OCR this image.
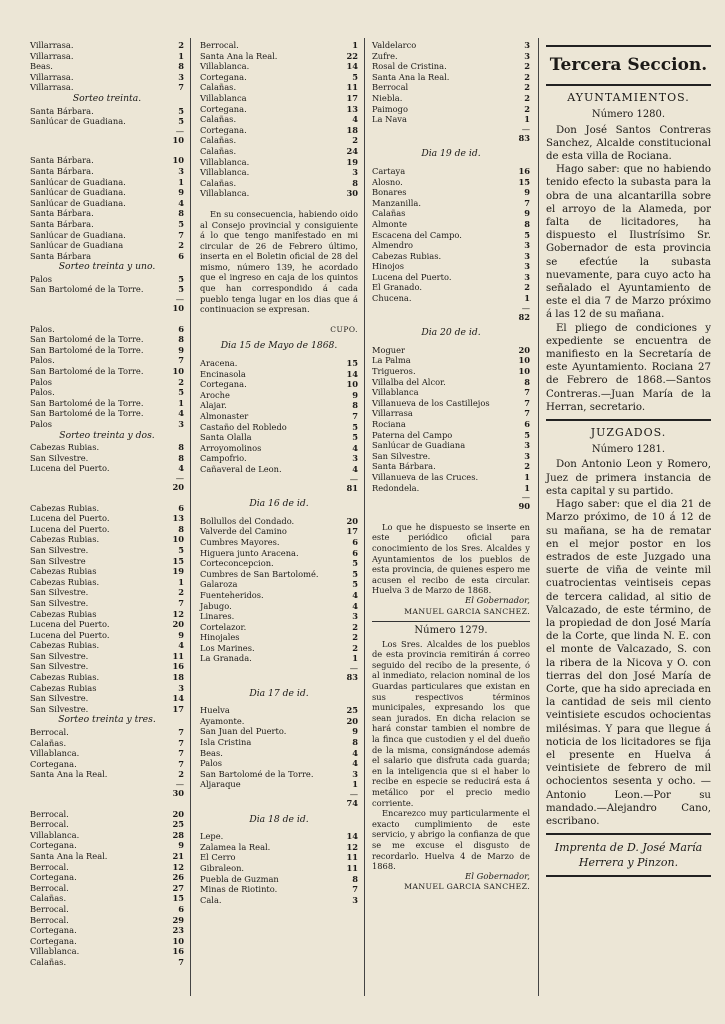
Villarrasa.	2
Villarrasa.	1
Beas.	8
Villarrasa.	3
Villarrasa.	7
Sorteo treinta.
Santa Bárbara.	5
Sanlúcar de Guadiana.	5
—
10
Santa Bárbara.	10
Santa Bárbara.	3
Sanlúcar de Guadiana.	1
Sanlúcar de Guadiana.	9
Sanlúcar de Guadiana.	4
Santa Bárbara.	8
Santa Bárbara.	5
Sanlúcar de Guadiana.	7
Sanlúcar de Guadiana	2
Santa Bárbara	6
Sorteo treinta y uno.
Palos	5
San Bartolomé de la Torre.	5
—
10
Palos.	6
San Bartolomé de la Torre.	8
San Bartolomé de la Torre.	9
Palos.	7
San Bartolomé de la Torre.	10
Palos	2
Palos.	5
San Bartolomé de la Torre.	1
San Bartolomé de la Torre.	4
Palos	3
Sorteo treinta y dos.
Cabezas Rubias.	8
San Silvestre.	8
Lucena del Puerto.	4
—
20
Cabezas Rubias.	6
Lucena del Puerto.	13
Lucena del Puerto.	8
Cabezas Rubias.	10
San Silvestre.	5
San Silvestre	15
Cabezas Rubias	19
Cabezas Rubias.	1
San Silvestre.	2
San Silvestre.	7
Cabezas Rubias	12
Lucena del Puerto.	20
Lucena del Puerto.	9
Cabezas Rubias.	4
San Silvestre.	11
San Silvestre.	16
Cabezas Rubias.	18
Cabezas Rubias	3
San Silvestre.	14
San Silvestre.	17
Sorteo treinta y tres.
Berrocal.	7
Calañas.	7
Villablanca.	7
Cortegana.	7
Santa Ana la Real.	2
—
30
Berrocal.	20
Berrocal.	25
Villablanca.	28
Cortegana.	9
Santa Ana la Real.	21
Berrocal.	12
Cortegana.	26
Berrocal.	27
Calañas.	15
Berrocal.	6
Berrocal.	29
Cortegana.	23
Cortegana.	10
Villablanca.	16
Calañas.	7
Berrocal.	1
Santa Ana la Real.	22
Villablanca.	14
Cortegana.	5
Calañas.	11
Villablanca	17
Cortegana.	13
Calañas.	4
Cortegana.	18
Calañas.	2
Calañas.	24
Villablanca.	19
Villablanca.	3
Calañas.	8
Villablanca.	30

En su consecuencia, habiendo oido al Consejo provincial y consiguiente á lo que tengo manifestado en mi circular de 26 de Febrero último, inserta en el Boletin oficial de 28 del mismo, número 139, he acordado que el ingreso en caja de los quintos que han correspondido á cada pueblo tenga lugar en los dias que á continuacion se expresan.

CUPO.
Dia 15 de Mayo de 1868.
Aracena.	15
Encinasola	14
Cortegana.	10
Aroche	9
Alajar.	8
Almonaster	7
Castaño del Robledo	5
Santa Olalla	5
Arroyomolinos	4
Campofrio.	3
Cañaveral de Leon.	4
—
81
Dia 16 de id.
Bollullos del Condado.	20
Valverde del Camino	17
Cumbres Mayores.	6
Higuera junto Aracena.	6
Corteconcepcion.	5
Cumbres de San Bartolomé.	5
Galaroza	5
Fuenteheridos.	4
Jabugo.	4
Linares.	3
Cortelazor.	2
Hinojales	2
Los Marines.	2
La Granada.	1
—
83
Dia 17 de id.
Huelva	25
Ayamonte.	20
San Juan del Puerto.	9
Isla Cristina	8
Beas.	4
Palos	4
San Bartolomé de la Torre.	3
Aljaraque	1
—
74
Dia 18 de id.
Lepe.	14
Zalamea la Real.	12
El Cerro	11
Gibraleon.	11
Puebla de Guzman	8
Minas de Riotinto.	7
Cala.	3
Valdelarco	3
Zufre.	3
Rosal de Cristina.	2
Santa Ana la Real.	2
Berrocal	2
Niebla.	2
Paimogo	2
La Nava	1
—
83
Dia 19 de id.
Cartaya	16
Alosno.	15
Bonares	9
Manzanilla.	7
Calañas	9
Almonte	8
Escacena del Campo.	5
Almendro	3
Cabezas Rubias.	3
Hinojos	3
Lucena del Puerto.	3
El Granado.	2
Chucena.	1
—
82
Dia 20 de id.
Moguer	20
La Palma	10
Trigueros.	10
Villalba del Alcor.	8
Villablanca	7
Villanueva de los Castillejos	7
Villarrasa	7
Rociana	6
Paterna del Campo	5
Sanlúcar de Guadiana	3
San Silvestre.	3
Santa Bárbara.	2
Villanueva de las Cruces.	1
Redondela.	1
—
90

Lo que he dispuesto se inserte en este periódico oficial para conocimiento de los Sres. Alcaldes y Ayuntamientos de los pueblos de esta provincia, de quienes espero me acusen el recibo de esta circular. Huelva 3 de Marzo de 1868.

El Gobernador,
MANUEL GARCIA SANCHEZ.
Número 1279.

Los Sres. Alcaldes de los pueblos de esta provincia remitirán á correo seguido del recibo de la presente, ó al inmediato, relacion nominal de los Guardas particulares que existan en sus respectivos términos municipales, expresando los que sean jurados. En dicha relacion se hará constar tambien el nombre de la finca que custodien y el del dueño de la misma, consignándose además el salario que disfruta cada guarda; en la inteligencia que si el haber lo recibe en especie se reducirá esta á metálico por el precio medio corriente.

Encarezco muy particularmente el exacto cumplimiento de este servicio, y abrigo la confianza de que se me excuse el disgusto de recordarlo. Huelva 4 de Marzo de 1868.

El Gobernador,
MANUEL GARCIA SANCHEZ.
Tercera Seccion.
AYUNTAMIENTOS.
Número 1280.

Don José Santos Contreras Sanchez, Alcalde constitucional de esta villa de Rociana.

Hago saber: que no habiendo tenido efecto la subasta para la obra de una alcantarilla sobre el arroyo de la Alameda, por falta de licitadores, ha dispuesto el Ilustrísimo Sr. Gobernador de esta provincia se efectúe la subasta nuevamente, para cuyo acto ha señalado el Ayuntamiento de este el dia 7 de Marzo próximo á las 12 de su mañana.

El pliego de condiciones y expediente se encuentra de manifiesto en la Secretaría de este Ayuntamiento. Rociana 27 de Febrero de 1868.—Santos Contreras.—Juan María de la Herran, secretario.

JUZGADOS.
Número 1281.

Don Antonio Leon y Romero, Juez de primera instancia de esta capital y su partido.

Hago saber: que el dia 21 de Marzo próximo, de 10 á 12 de su mañana, se ha de rematar en el mejor postor en los estrados de este Juzgado una suerte de viña de veinte mil cuatrocientas veintiseis cepas de tercera calidad, al sitio de Valcazado, de este término, de la propiedad de don José María de la Corte, que linda N. E. con el monte de Valcazado, S. con la ribera de la Nicova y O. con tierras del don José María de Corte, que ha sido apreciada en la cantidad de seis mil ciento veintisiete escudos ochocientas milésimas. Y para que llegue á noticia de los licitadores se fija el presente en Huelva á veintisiete de febrero de mil ochocientos sesenta y ocho. —Antonio Leon.—Por su mandado.—Alejandro Cano, escribano.

Imprenta de D. José María Herrera y Pinzon.
